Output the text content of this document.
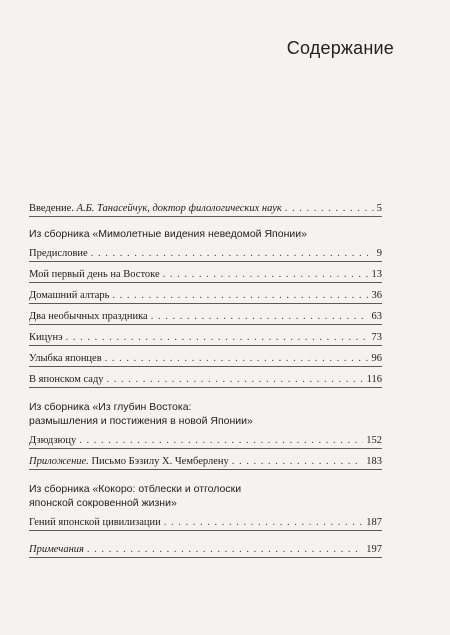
Содержание
Введение. А.Б. Танасейчук, доктор филологических наук . . .	5
Из сборника «Мимолетные видения неведомой Японии»
Предисловие . . .	9
Мой первый день на Востоке . . .	13
Домашний алтарь . . .	36
Два необычных праздника . . .	63
Кицунэ . . .	73
Улыбка японцев . . .	96
В японском саду . . .	116
Из сборника «Из глубин Востока:
размышления и постижения в новой Японии»
Дзюдзюцу . . .	152
Приложение. Письмо Бэзилу Х. Чемберлену . . .	183
Из сборника «Кокоро: отблески и отголоски
японской сокровенной жизни»
Гений японской цивилизации . . .	187
Примечания . . .	197
